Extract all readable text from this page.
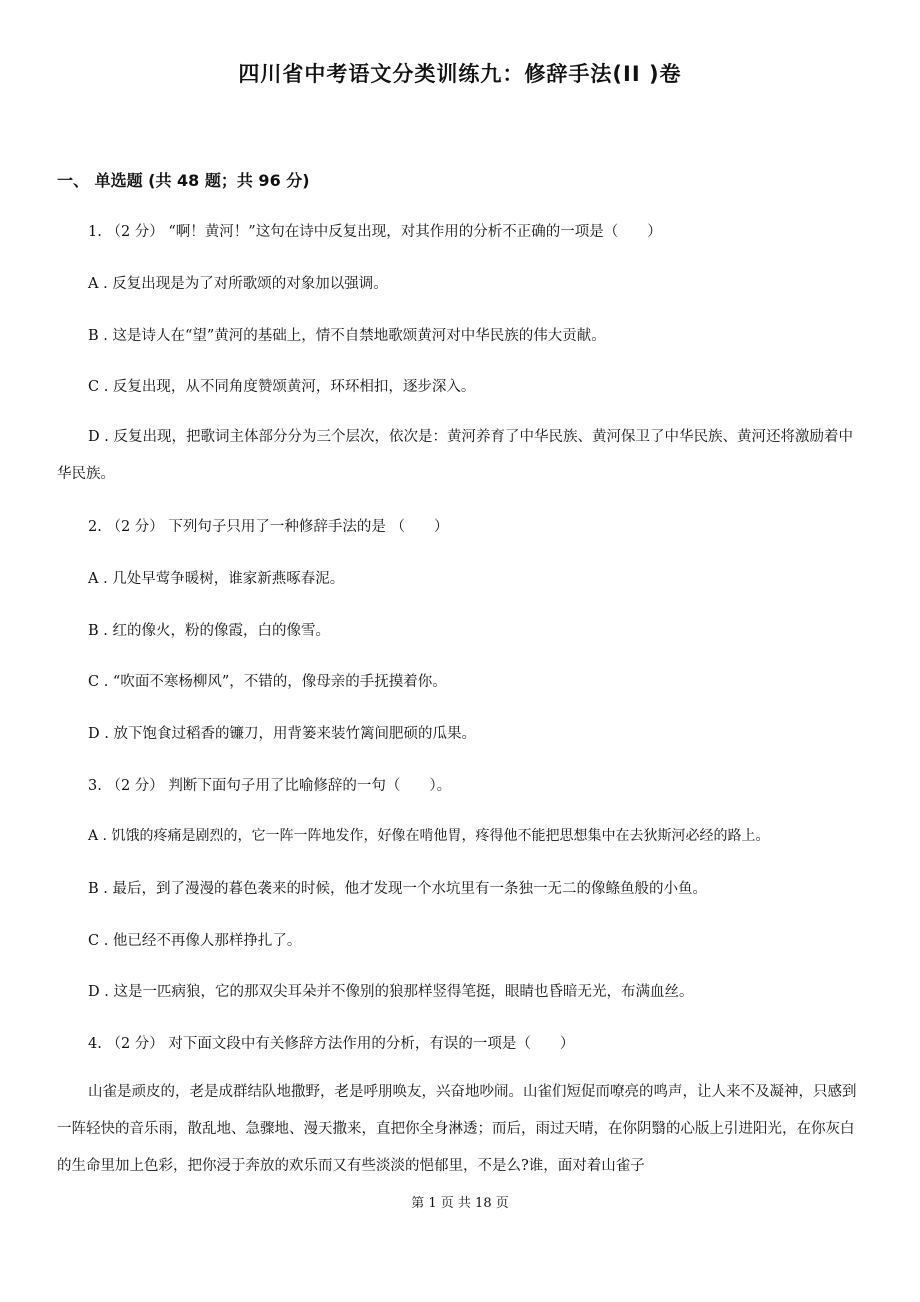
四川省中考语文分类训练九：修辞手法(II )卷
一、 单选题 (共 48 题；共 96 分)
1. （2 分） “啊！黄河！”这句在诗中反复出现，对其作用的分析不正确的一项是（　　）
A . 反复出现是为了对所歌颂的对象加以强调。
B . 这是诗人在“望”黄河的基础上，情不自禁地歌颂黄河对中华民族的伟大贡献。
C . 反复出现，从不同角度赞颂黄河，环环相扣，逐步深入。
D . 反复出现，把歌词主体部分分为三个层次，依次是：黄河养育了中华民族、黄河保卫了中华民族、黄河还将激励着中华民族。
2. （2 分） 下列句子只用了一种修辞手法的是 （　　）
A . 几处早莺争暖树，谁家新燕啄春泥。
B . 红的像火，粉的像霞，白的像雪。
C . “吹面不寒杨柳风”，不错的，像母亲的手抚摸着你。
D . 放下饱食过稻香的镰刀，用背篓来装竹篱间肥硕的瓜果。
3. （2 分） 判断下面句子用了比喻修辞的一句（　　）。
A . 饥饿的疼痛是剧烈的，它一阵一阵地发作，好像在啃他胃，疼得他不能把思想集中在去狄斯河必经的路上。
B . 最后，到了漫漫的暮色袭来的时候，他才发现一个水坑里有一条独一无二的像鲦鱼般的小鱼。
C . 他已经不再像人那样挣扎了。
D . 这是一匹病狼，它的那双尖耳朵并不像别的狼那样竖得笔挺，眼睛也昏暗无光，布满血丝。
4. （2 分） 对下面文段中有关修辞方法作用的分析，有误的一项是（　　）
山雀是顽皮的，老是成群结队地撒野，老是呼朋唤友，兴奋地吵闹。山雀们短促而嘹亮的鸣声，让人来不及凝神，只感到一阵轻快的音乐雨，散乱地、急骤地、漫天撒来，直把你全身淋透；而后，雨过天晴，在你阴翳的心版上引进阳光，在你灰白的生命里加上色彩，把你浸于奔放的欢乐而又有些淡淡的悒郁里，不是么?谁，面对着山雀子
第 1 页 共 18 页
